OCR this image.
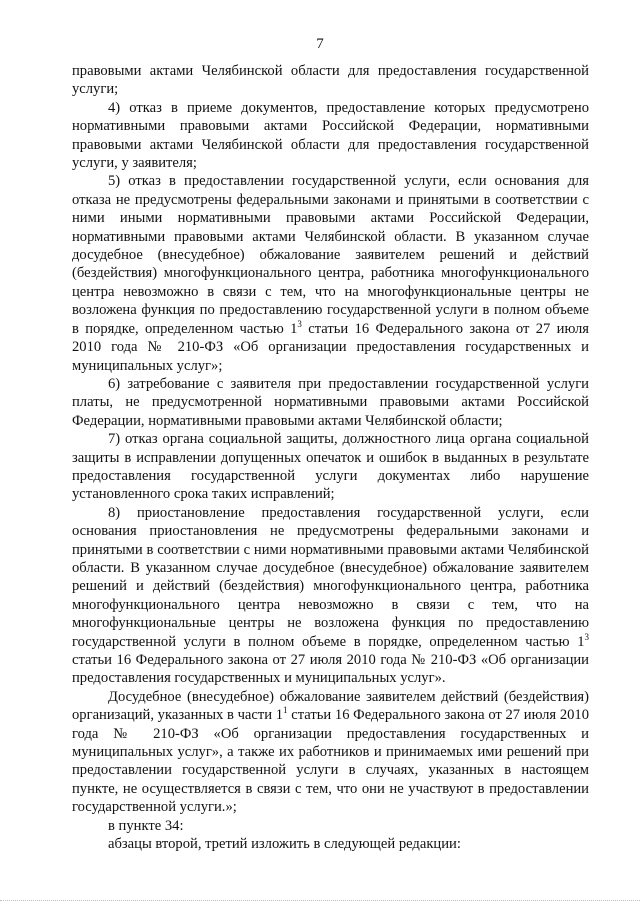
7

правовыми актами Челябинской области для предоставления государственной услуги;

4) отказ в приеме документов, предоставление которых предусмотрено нормативными правовыми актами Российской Федерации, нормативными правовыми актами Челябинской области для предоставления государственной услуги, у заявителя;

5) отказ в предоставлении государственной услуги, если основания для отказа не предусмотрены федеральными законами и принятыми в соответствии с ними иными нормативными правовыми актами Российской Федерации, нормативными правовыми актами Челябинской области. В указанном случае досудебное (внесудебное) обжалование заявителем решений и действий (бездействия) многофункционального центра, работника многофункционального центра невозможно в связи с тем, что на многофункциональные центры не возложена функция по предоставлению государственной услуги в полном объеме в порядке, определенном частью $1^3$ статьи 16 Федерального закона от 27 июля 2010 года № 210-ФЗ «Об организации предоставления государственных и муниципальных услуг»;

6) затребование с заявителя при предоставлении государственной услуги платы, не предусмотренной нормативными правовыми актами Российской Федерации, нормативными правовыми актами Челябинской области;

7) отказ органа социальной защиты, должностного лица органа социальной защиты в исправлении допущенных опечаток и ошибок в выданных в результате предоставления государственной услуги документах либо нарушение установленного срока таких исправлений;

8) приостановление предоставления государственной услуги, если основания приостановления не предусмотрены федеральными законами и принятыми в соответствии с ними нормативными правовыми актами Челябинской области. В указанном случае досудебное (внесудебное) обжалование заявителем решений и действий (бездействия) многофункционального центра, работника многофункционального центра невозможно в связи с тем, что на многофункциональные центры не возложена функция по предоставлению государственной услуги в полном объеме в порядке, определенном частью $1^3$ статьи 16 Федерального закона от 27 июля 2010 года № 210-ФЗ «Об организации предоставления государственных и муниципальных услуг».

Досудебное (внесудебное) обжалование заявителем действий (бездействия) организаций, указанных в части $1^1$ статьи 16 Федерального закона от 27 июля 2010 года № 210-ФЗ «Об организации предоставления государственных и муниципальных услуг», а также их работников и принимаемых ими решений при предоставлении государственной услуги в случаях, указанных в настоящем пункте, не осуществляется в связи с тем, что они не участвуют в предоставлении государственной услуги.»;

в пункте 34:

абзацы второй, третий изложить в следующей редакции:
